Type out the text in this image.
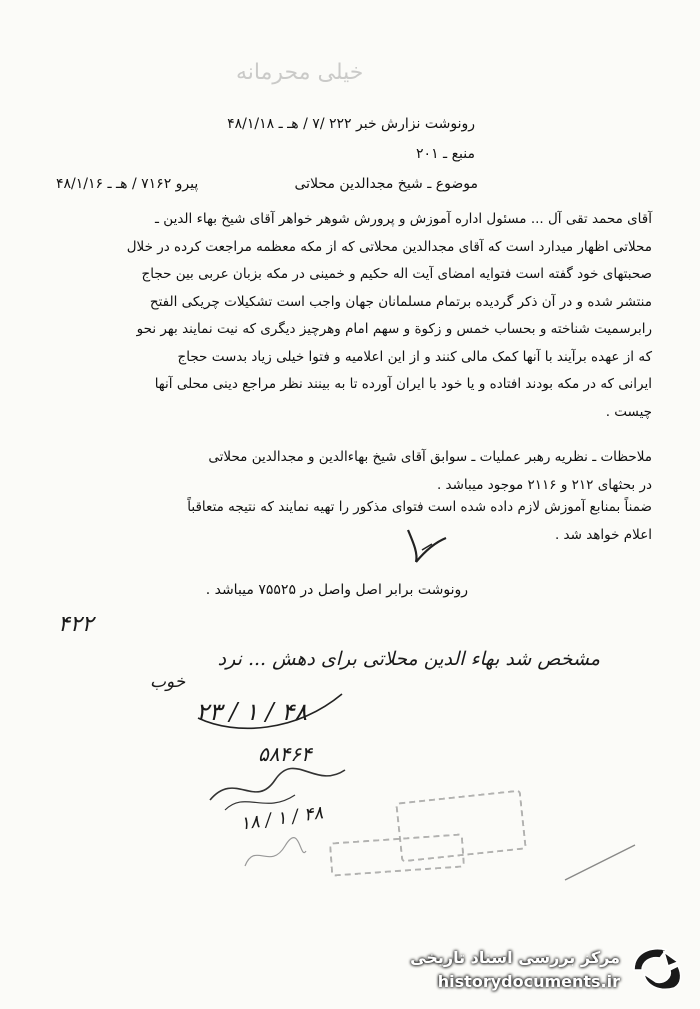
خیلی محرمانه
رونوشت نزارش خبر ۲۲۲ /۷ / هـ ـ ۴۸/۱/۱۸
منبع ـ ۲۰۱
موضوع ـ شیخ مجدالدین محلاتی
پیرو ۷۱۶۲ / هـ ـ ۴۸/۱/۱۶

آقای محمد تقی آل ... مسئول اداره آموزش و پرورش شوهر خواهر آقای شیخ بهاء الدین ـ

محلاتی اظهار میدارد است که آقای مجدالدین محلاتی که از مکه معظمه مراجعت کرده در خلال

صحبتهای خود گفته است فتوایه امضای آیت اله حکیم و خمینی در مکه بزبان عربی بین حجاج

منتشر شده و در آن ذکر گردیده برتمام مسلمانان جهان واجب است تشکیلات چریکی الفتح

رابرسمیت شناخته و بحساب خمس و زکوة و سهم امام وهرچیز دیگری که نیت نمایند بهر نحو

که از عهده برآیند با آنها کمک مالی کنند و از این اعلامیه و فتوا خیلی زیاد بدست حجاج

ایرانی که در مکه بودند افتاده و یا خود با ایران آورده تا به بینند نظر مراجع دینی محلی آنها

چیست .

ملاحظات ـ نظریه رهبر عملیات ـ سوابق آقای شیخ بهاءالدین و مجدالدین محلاتی

در بحثهای ۲۱۲ و ۲۱۱۶ موجود میباشد .

ضمناً بمنابع آموزش لازم داده شده است فتوای مذکور را تهیه نمایند که نتیجه متعاقباً

اعلام خواهد شد .

رونوشت برابر اصل واصل در ۷۵۵۲۵ میباشد .
۴۲۲
مشخص شد بهاء الدین محلاتی برای دهش ... نرد
خوب
۲۳ / ۱ / ۴۸
۵۸۴۶۴
۱۸ / ۱ / ۴۸
مرکز بررسی اسناد تاریخی
historydocuments.ir
